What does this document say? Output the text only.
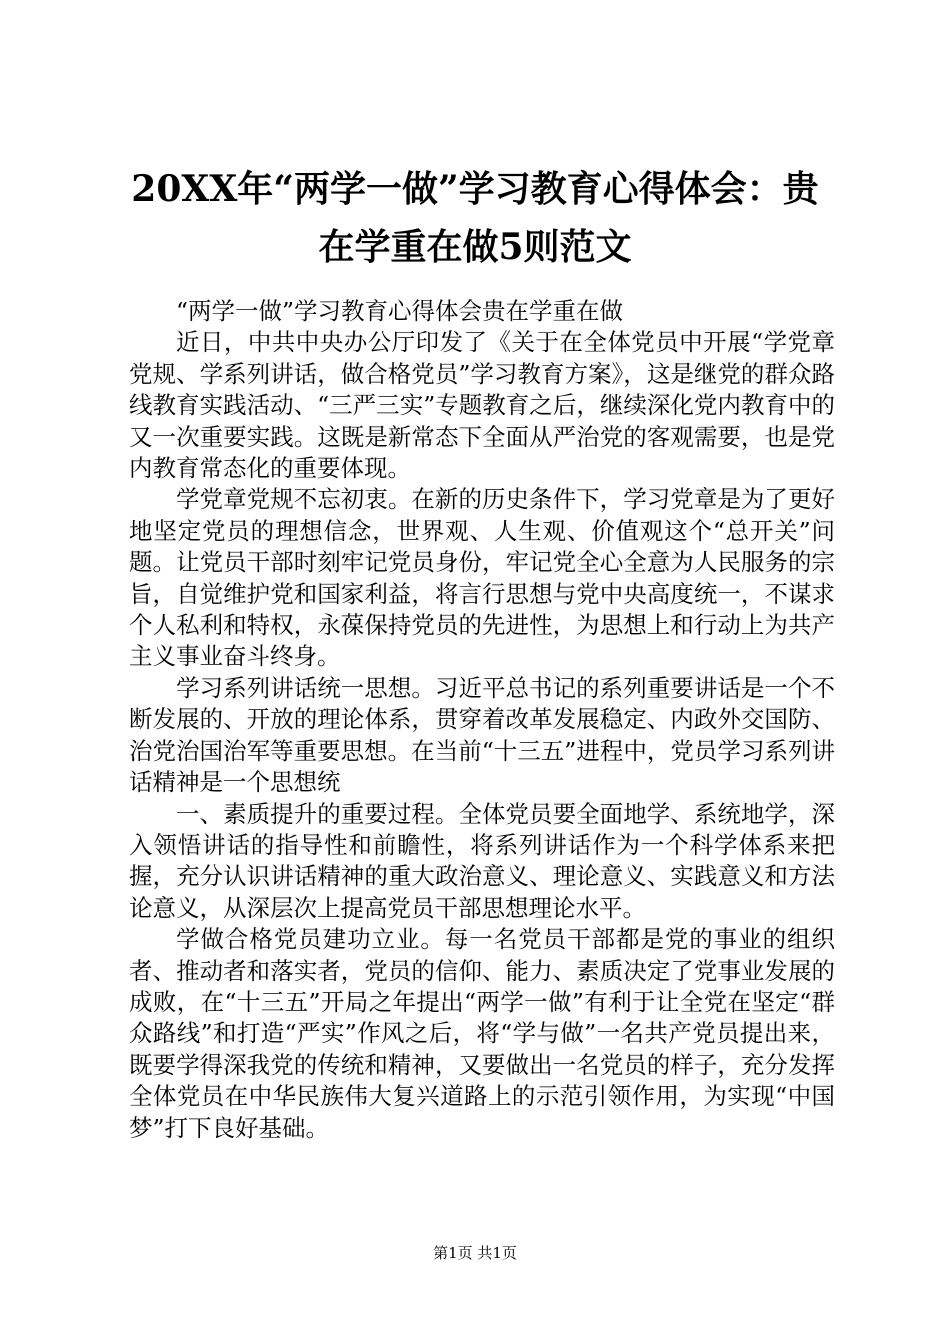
20XX年“两学一做”学习教育心得体会：贵在学重在做5则范文

“两学一做”学习教育心得体会贵在学重在做

近日，中共中央办公厅印发了《关于在全体党员中开展“学党章党规、学系列讲话，做合格党员”学习教育方案》，这是继党的群众路线教育实践活动、“三严三实”专题教育之后，继续深化党内教育中的又一次重要实践。这既是新常态下全面从严治党的客观需要，也是党内教育常态化的重要体现。

学党章党规不忘初衷。在新的历史条件下，学习党章是为了更好地坚定党员的理想信念，世界观、人生观、价值观这个“总开关”问题。让党员干部时刻牢记党员身份，牢记党全心全意为人民服务的宗旨，自觉维护党和国家利益，将言行思想与党中央高度统一，不谋求个人私利和特权，永葆保持党员的先进性，为思想上和行动上为共产主义事业奋斗终身。

学习系列讲话统一思想。习近平总书记的系列重要讲话是一个不断发展的、开放的理论体系，贯穿着改革发展稳定、内政外交国防、治党治国治军等重要思想。在当前“十三五”进程中，党员学习系列讲话精神是一个思想统

一、素质提升的重要过程。全体党员要全面地学、系统地学，深入领悟讲话的指导性和前瞻性，将系列讲话作为一个科学体系来把握，充分认识讲话精神的重大政治意义、理论意义、实践意义和方法论意义，从深层次上提高党员干部思想理论水平。

学做合格党员建功立业。每一名党员干部都是党的事业的组织者、推动者和落实者，党员的信仰、能力、素质决定了党事业发展的成败，在“十三五”开局之年提出“两学一做”有利于让全党在坚定“群众路线”和打造“严实”作风之后，将“学与做”一名共产党员提出来，既要学得深我党的传统和精神，又要做出一名党员的样子，充分发挥全体党员在中华民族伟大复兴道路上的示范引领作用，为实现“中国梦”打下良好基础。

第1页 共1页
